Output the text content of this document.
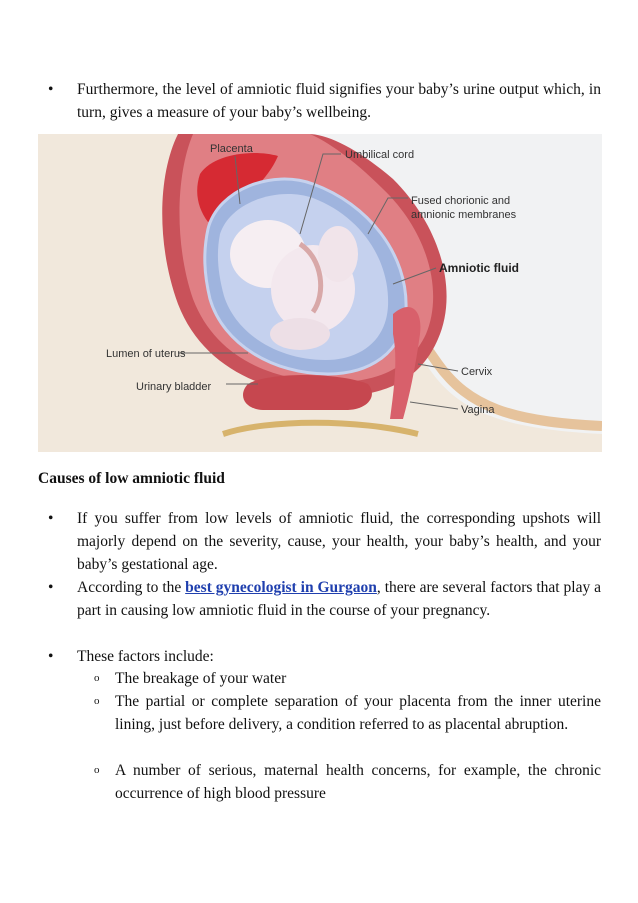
•	Furthermore, the level of amniotic fluid signifies your baby’s urine output which, in turn, gives a measure of your baby’s wellbeing.
Placenta	Umbilical cord
Fused chorionic and
amnionic membranes
Amniotic fluid
Lumen of uterus
Urinary bladder
Cervix
Vagina
Causes of low amniotic fluid
•	If you suffer from low levels of amniotic fluid, the corresponding upshots will majorly depend on the severity, cause, your health, your baby’s health, and your baby’s gestational age.
•	According to the best gynecologist in Gurgaon, there are several factors that play a part in causing low amniotic fluid in the course of your pregnancy.
•	These factors include:
o The breakage of your water
o The partial or complete separation of your placenta from the inner uterine lining, just before delivery, a condition referred to as placental abruption.
o A number of serious, maternal health concerns, for example, the chronic occurrence of high blood pressure
